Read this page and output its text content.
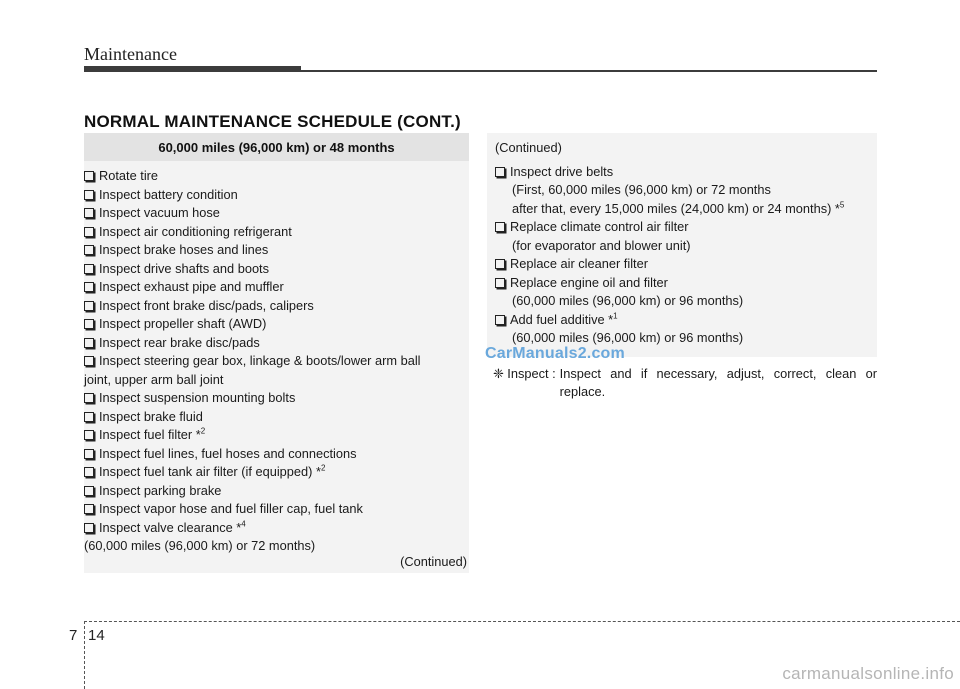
Maintenance
NORMAL MAINTENANCE SCHEDULE (CONT.)
60,000 miles (96,000 km) or 48 months
Rotate tire
Inspect battery condition
Inspect vacuum hose
Inspect air conditioning refrigerant
Inspect brake hoses and lines
Inspect drive shafts and boots
Inspect exhaust pipe and muffler
Inspect front brake disc/pads, calipers
Inspect propeller shaft (AWD)
Inspect rear brake disc/pads
Inspect steering gear box, linkage & boots/lower arm ball
joint, upper arm ball joint
Inspect suspension mounting bolts
Inspect brake fluid
Inspect fuel filter *$^2$
Inspect fuel lines, fuel hoses and connections
Inspect fuel tank air filter (if equipped) *$^2$
Inspect parking brake
Inspect vapor hose and fuel filler cap, fuel tank
Inspect valve clearance *$^4$
(60,000 miles (96,000 km) or 72 months)
(Continued)
(Continued)
Inspect drive belts
(First, 60,000 miles (96,000 km) or 72 months
after that, every 15,000 miles (24,000 km) or 24 months) *$^5$
Replace climate control air filter
(for evaporator and blower unit)
Replace air cleaner filter
Replace engine oil and filter
(60,000 miles (96,000 km) or 96 months)
Add fuel additive *$^1$
(60,000 miles (96,000 km) or 96 months)
CarManuals2.com
❈ Inspect : Inspect and if necessary, adjust, correct, clean or replace.
7 14
carmanualsonline.info
